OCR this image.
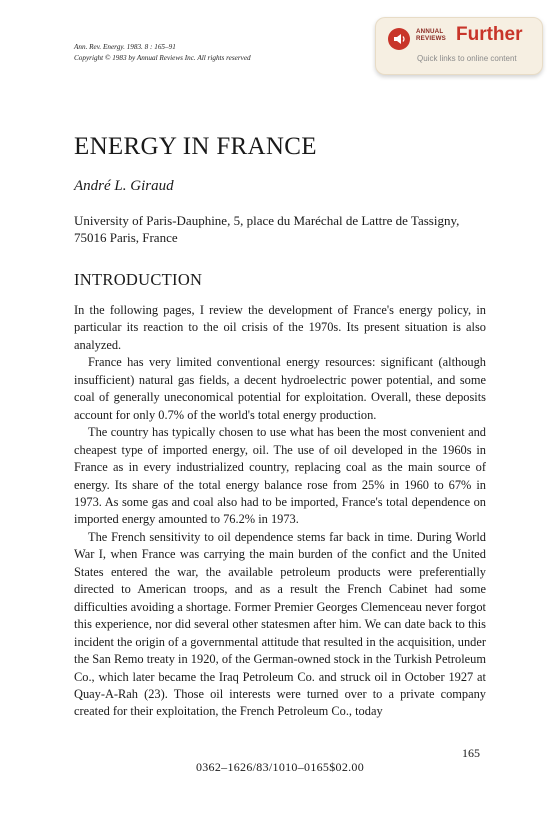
Ann. Rev. Energy. 1983. 8 : 165–91
Copyright © 1983 by Annual Reviews Inc. All rights reserved
ANNUAL
REVIEWS Further
Quick links to online content
ENERGY IN FRANCE
André L. Giraud
University of Paris-Dauphine, 5, place du Maréchal de Lattre de Tassigny,
75016 Paris, France
INTRODUCTION

In the following pages, I review the development of France's energy policy, in particular its reaction to the oil crisis of the 1970s. Its present situation is also analyzed.

France has very limited conventional energy resources: significant (although insufficient) natural gas fields, a decent hydroelectric power potential, and some coal of generally uneconomical potential for exploitation. Overall, these deposits account for only 0.7% of the world's total energy production.

The country has typically chosen to use what has been the most convenient and cheapest type of imported energy, oil. The use of oil developed in the 1960s in France as in every industrialized country, replacing coal as the main source of energy. Its share of the total energy balance rose from 25% in 1960 to 67% in 1973. As some gas and coal also had to be imported, France's total dependence on imported energy amounted to 76.2% in 1973.

The French sensitivity to oil dependence stems far back in time. During World War I, when France was carrying the main burden of the confict and the United States entered the war, the available petroleum products were preferentially directed to American troops, and as a result the French Cabinet had some difficulties avoiding a shortage. Former Premier Georges Clemenceau never forgot this experience, nor did several other statesmen after him. We can date back to this incident the origin of a governmental attitude that resulted in the acquisition, under the San Remo treaty in 1920, of the German-owned stock in the Turkish Petroleum Co., which later became the Iraq Petroleum Co. and struck oil in October 1927 at Quay-A-Rah (23). Those oil interests were turned over to a private company created for their exploitation, the French Petroleum Co., today

165
0362–1626/83/1010–0165$02.00
